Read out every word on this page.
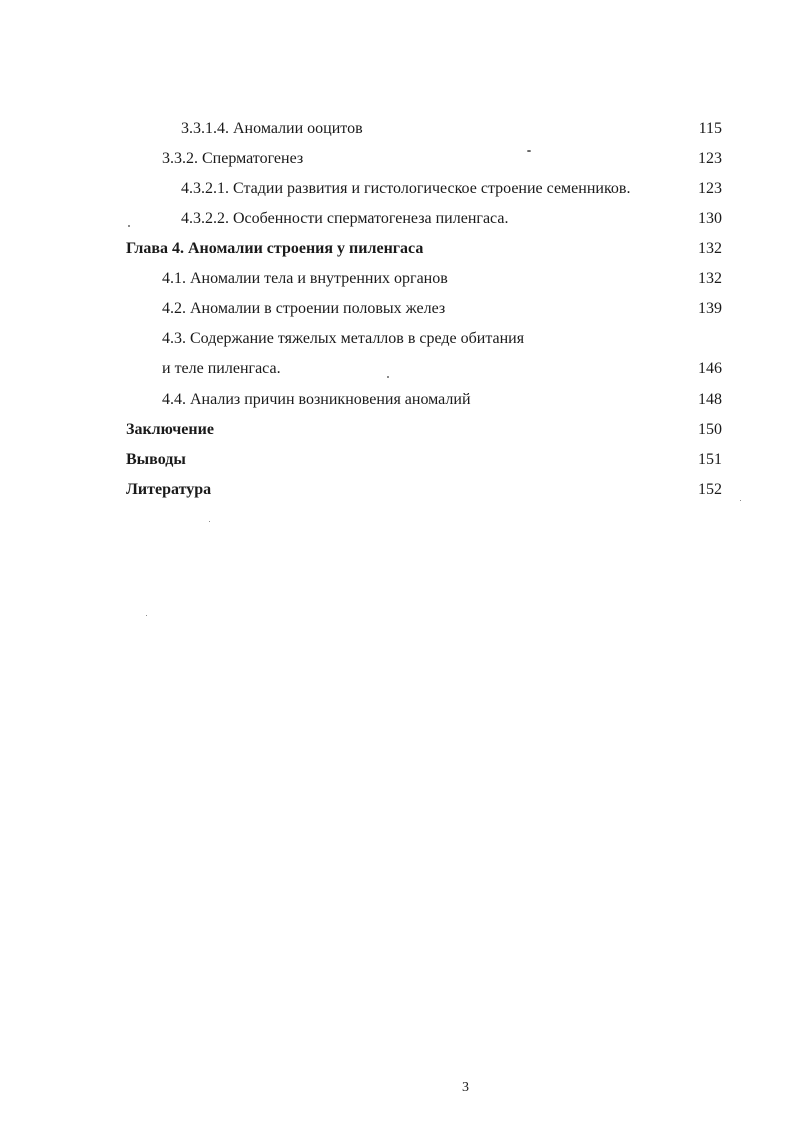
3.3.1.4. Аномалии ооцитов	115
3.3.2. Сперматогенез	123
4.3.2.1. Стадии развития и гистологическое строение семенников.	123
4.3.2.2. Особенности сперматогенеза пиленгаса.	130
Глава 4. Аномалии строения у пиленгаса	132
4.1. Аномалии тела и внутренних органов	132
4.2. Аномалии в строении половых желез	139
4.3. Содержание тяжелых металлов в среде обитания
и теле пиленгаса.	146
4.4. Анализ причин возникновения аномалий	148
Заключение	150
Выводы	151
Литература	152
3
